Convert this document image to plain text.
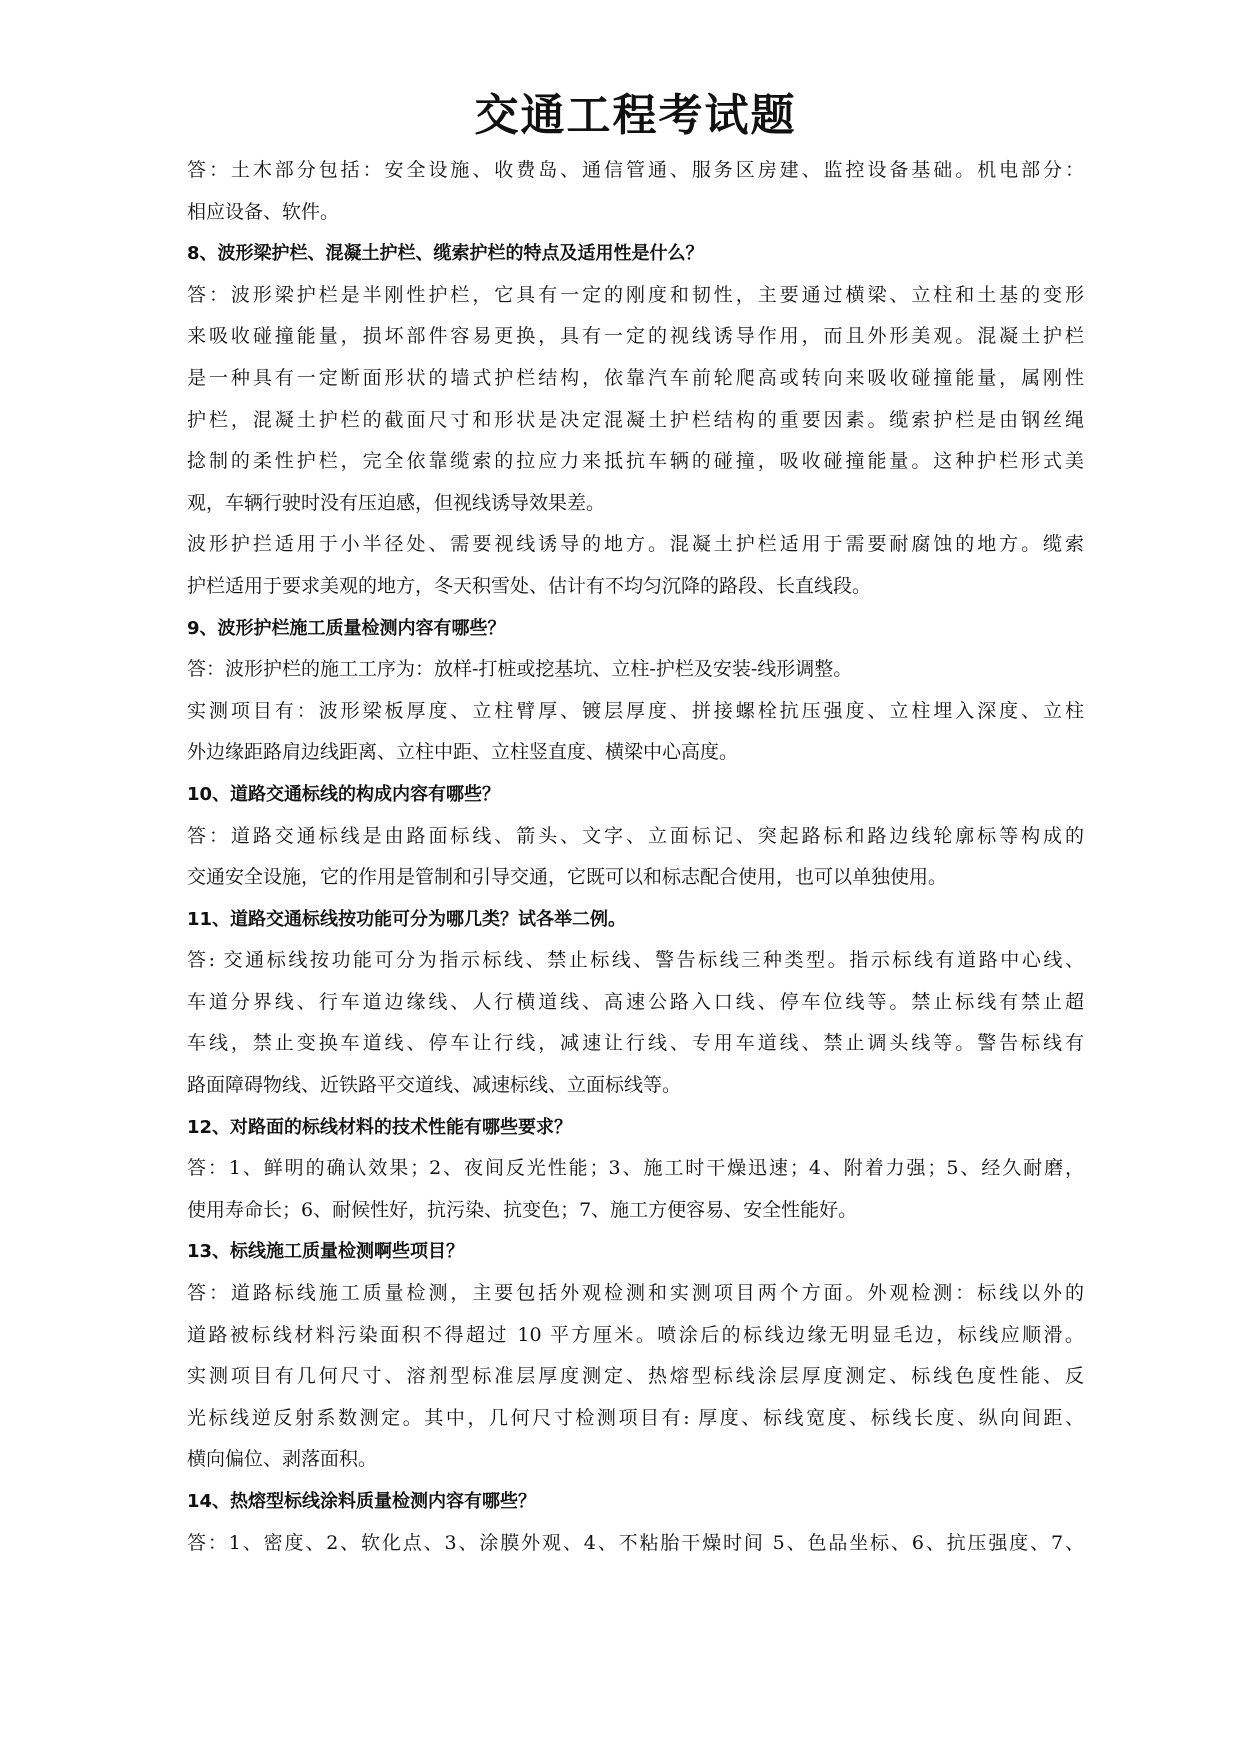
交通工程考试题
答：土木部分包括：安全设施、收费岛、通信管通、服务区房建、监控设备基础。机电部分：
相应设备、软件。
8、波形梁护栏、混凝土护栏、缆索护栏的特点及适用性是什么？
答：波形梁护栏是半刚性护栏，它具有一定的刚度和韧性，主要通过横梁、立柱和土基的变形
来吸收碰撞能量，损坏部件容易更换，具有一定的视线诱导作用，而且外形美观。混凝土护栏
是一种具有一定断面形状的墙式护栏结构，依靠汽车前轮爬高或转向来吸收碰撞能量，属刚性
护栏，混凝土护栏的截面尺寸和形状是决定混凝土护栏结构的重要因素。缆索护栏是由钢丝绳
捻制的柔性护栏，完全依靠缆索的拉应力来抵抗车辆的碰撞，吸收碰撞能量。这种护栏形式美
观，车辆行驶时没有压迫感，但视线诱导效果差。
波形护拦适用于小半径处、需要视线诱导的地方。混凝土护栏适用于需要耐腐蚀的地方。缆索
护栏适用于要求美观的地方，冬天积雪处、估计有不均匀沉降的路段、长直线段。
9、波形护栏施工质量检测内容有哪些？
答：波形护栏的施工工序为：放样-打桩或挖基坑、立柱-护栏及安装-线形调整。
实测项目有：波形梁板厚度、立柱臂厚、镀层厚度、拼接螺栓抗压强度、立柱埋入深度、立柱
外边缘距路肩边线距离、立柱中距、立柱竖直度、横梁中心高度。
10、道路交通标线的构成内容有哪些？
答：道路交通标线是由路面标线、箭头、文字、立面标记、突起路标和路边线轮廓标等构成的
交通安全设施，它的作用是管制和引导交通，它既可以和标志配合使用，也可以单独使用。
11、道路交通标线按功能可分为哪几类？试各举二例。
答: 交通标线按功能可分为指示标线、禁止标线、警告标线三种类型。指示标线有道路中心线、
车道分界线、行车道边缘线、人行横道线、高速公路入口线、停车位线等。禁止标线有禁止超
车线，禁止变换车道线、停车让行线，减速让行线、专用车道线、禁止调头线等。警告标线有
路面障碍物线、近铁路平交道线、减速标线、立面标线等。
12、对路面的标线材料的技术性能有哪些要求？
答：1、鲜明的确认效果；2、夜间反光性能；3、施工时干燥迅速；4、附着力强；5、经久耐磨，
使用寿命长；6、耐候性好，抗污染、抗变色；7、施工方便容易、安全性能好。
13、标线施工质量检测啊些项目？
答：道路标线施工质量检测，主要包括外观检测和实测项目两个方面。外观检测：标线以外的
道路被标线材料污染面积不得超过 10 平方厘米。喷涂后的标线边缘无明显毛边，标线应顺滑。
实测项目有几何尺寸、溶剂型标准层厚度测定、热熔型标线涂层厚度测定、标线色度性能、反
光标线逆反射系数测定。其中，几何尺寸检测项目有: 厚度、标线宽度、标线长度、纵向间距、
横向偏位、剥落面积。
14、热熔型标线涂料质量检测内容有哪些？
答：1、密度、2、软化点、3、涂膜外观、4、不粘胎干燥时间 5、色品坐标、6、抗压强度、7、
